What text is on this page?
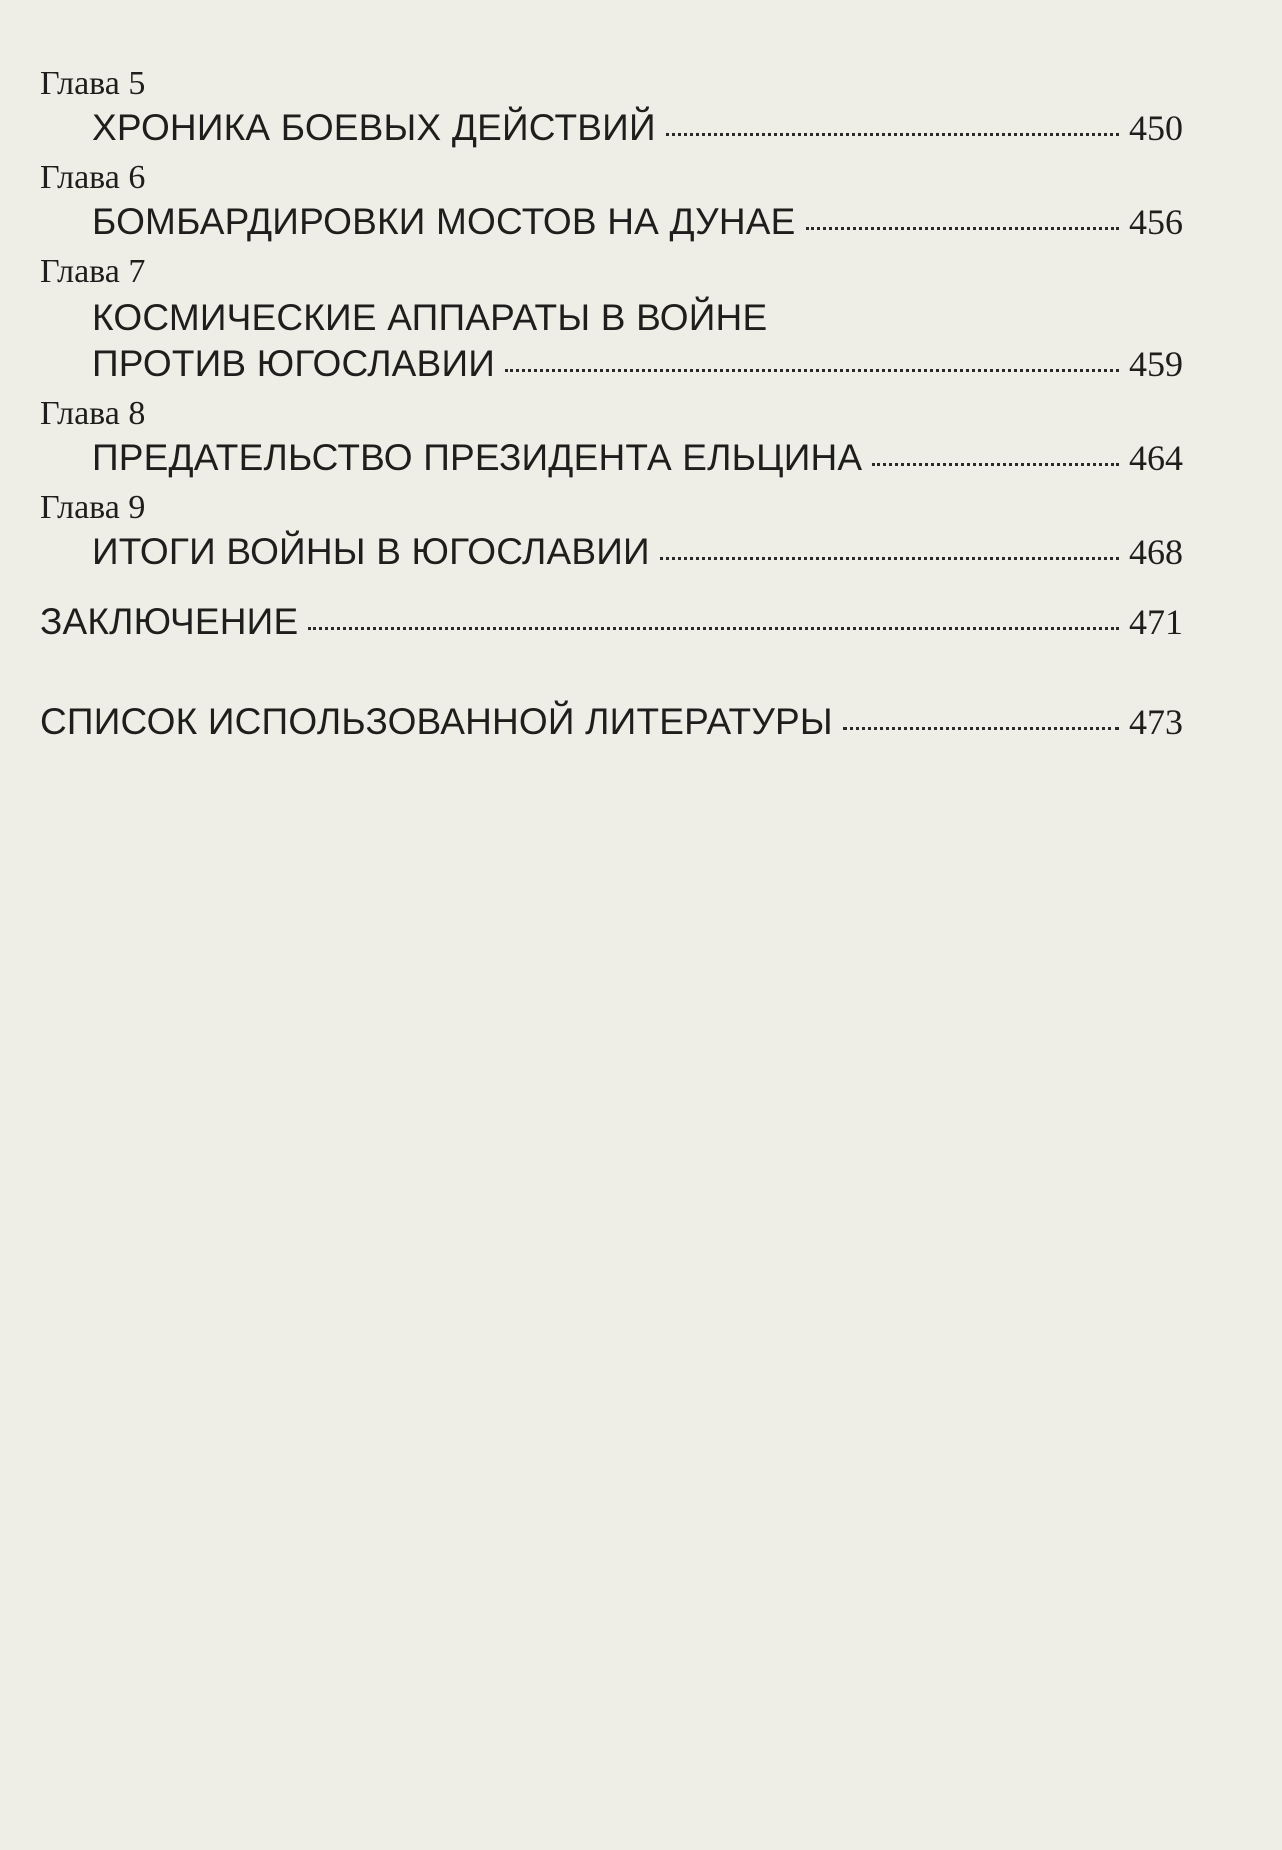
Глава 5
ХРОНИКА БОЕВЫХ ДЕЙСТВИЙ	450
Глава 6
БОМБАРДИРОВКИ МОСТОВ НА ДУНАЕ	456
Глава 7
КОСМИЧЕСКИЕ АППАРАТЫ В ВОЙНЕ
ПРОТИВ ЮГОСЛАВИИ	459
Глава 8
ПРЕДАТЕЛЬСТВО ПРЕЗИДЕНТА ЕЛЬЦИНА	464
Глава 9
ИТОГИ ВОЙНЫ В ЮГОСЛАВИИ	468
ЗАКЛЮЧЕНИЕ	471
СПИСОК ИСПОЛЬЗОВАННОЙ ЛИТЕРАТУРЫ	473
